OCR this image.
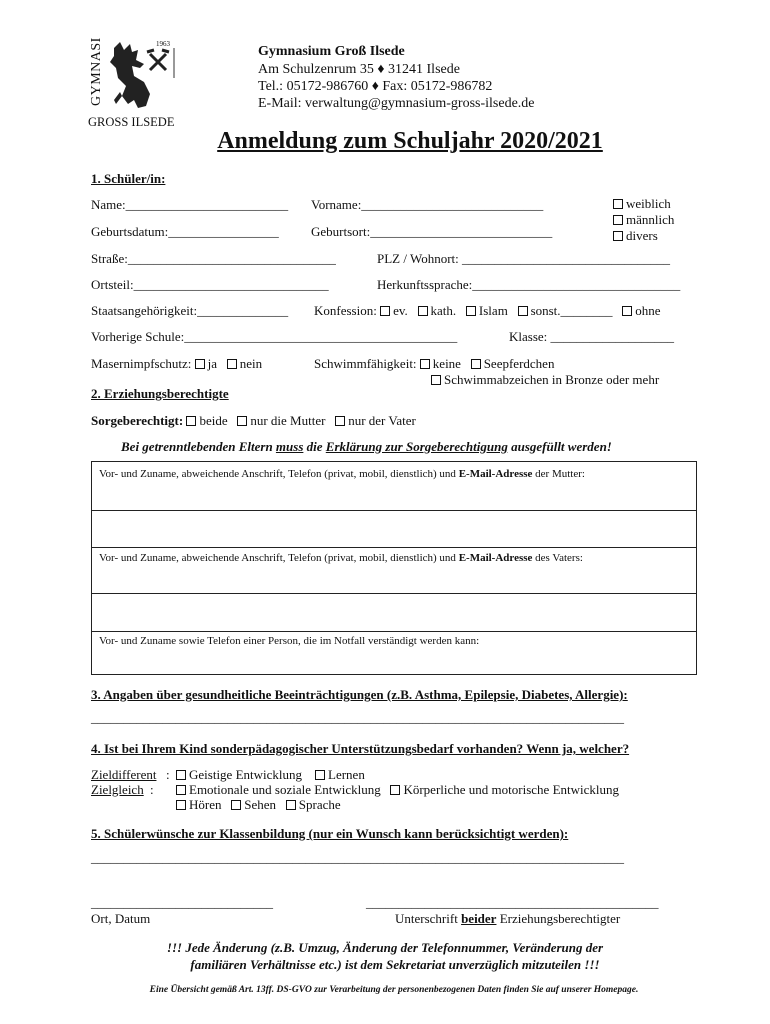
GYMNASIUM	1963
GROSS ILSEDE
Gymnasium Groß Ilsede
Am Schulzenrum 35 ♦ 31241 Ilsede
Tel.: 05172-986760 ♦ Fax: 05172-986782
E-Mail: verwaltung@gymnasium-gross-ilsede.de
Anmeldung zum Schuljahr 2020/2021
1. Schüler/in:
Name:_________________________ Vorname:____________________________	weiblich
männlich
divers
Geburtsdatum:_________________ Geburtsort:____________________________
Straße:________________________________	PLZ / Wohnort: ________________________________
Ortsteil:______________________________	Herkunftssprache:________________________________
Staatsangehörigkeit:______________ Konfession: ev. kath. Islam sonst.________ ohne
Vorherige Schule:__________________________________________	Klasse: ___________________
Masernimpfschutz: ja nein	Schwimmfähigkeit: keine Seepferdchen
Schwimmabzeichen in Bronze oder mehr
2. Erziehungsberechtigte
Sorgeberechtigt: beide nur die Mutter nur der Vater
Bei getrenntlebenden Eltern muss die Erklärung zur Sorgeberechtigung ausgefüllt werden!
Vor- und Zuname, abweichende Anschrift, Telefon (privat, mobil, dienstlich) und E-Mail-Adresse der Mutter:
Vor- und Zuname, abweichende Anschrift, Telefon (privat, mobil, dienstlich) und E-Mail-Adresse des Vaters:
Vor- und Zuname sowie Telefon einer Person, die im Notfall verständigt werden kann:
3. Angaben über gesundheitliche Beeinträchtigungen (z.B. Asthma, Epilepsie, Diabetes, Allergie):
__________________________________________________________________________________
4. Ist bei Ihrem Kind sonderpädagogischer Unterstützungsbedarf vorhanden? Wenn ja, welcher?
Zieldifferent :	Geistige Entwicklung Lernen
Zielgleich :	Emotionale und soziale Entwicklung Körperliche und motorische Entwicklung
Hören Sehen Sprache
5. Schülerwünsche zur Klassenbildung (nur ein Wunsch kann berücksichtigt werden):
__________________________________________________________________________________
____________________________	_____________________________________________
Ort, Datum	Unterschrift beider Erziehungsberechtigter
!!! Jede Änderung (z.B. Umzug, Änderung der Telefonnummer, Veränderung der
familiären Verhältnisse etc.) ist dem Sekretariat unverzüglich mitzuteilen !!!
Eine Übersicht gemäß Art. 13ff. DS-GVO zur Verarbeitung der personenbezogenen Daten finden Sie auf unserer Homepage.
